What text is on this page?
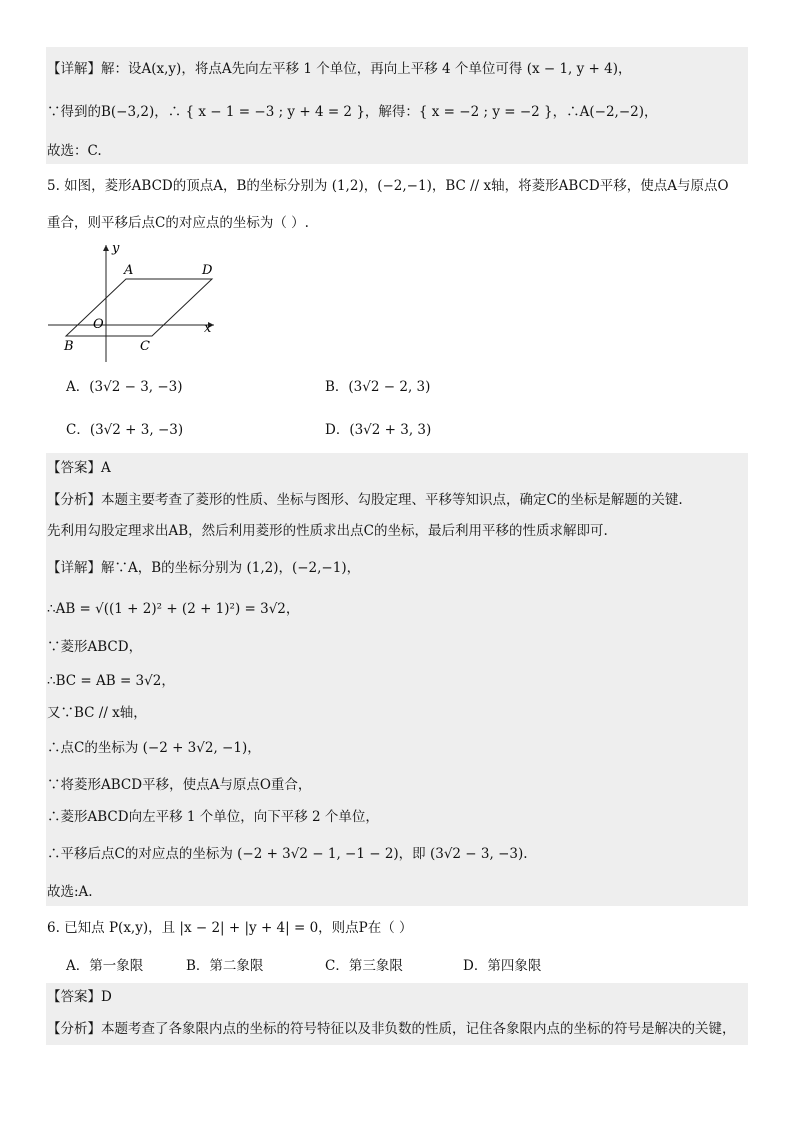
【详解】解：设A(x,y)，将点A先向左平移 1 个单位，再向上平移 4 个单位可得 (x − 1, y + 4)，
∵得到的B(−3,2)，∴ { x − 1 = −3 ; y + 4 = 2 }，解得：{ x = −2 ; y = −2 }，∴A(−2,−2)，
故选：C.
5. 如图，菱形ABCD的顶点A，B的坐标分别为 (1,2)，(−2,−1)，BC // x轴，将菱形ABCD平移，使点A与原点O
重合，则平移后点C的对应点的坐标为（ ）.
y
x
A	D
O
B	C
A．(3√2 − 3, −3)	B．(3√2 − 2, 3)
C．(3√2 + 3, −3)	D．(3√2 + 3, 3)
【答案】A
【分析】本题主要考查了菱形的性质、坐标与图形、勾股定理、平移等知识点，确定C的坐标是解题的关键.
先利用勾股定理求出AB，然后利用菱形的性质求出点C的坐标，最后利用平移的性质求解即可.
【详解】解∵A，B的坐标分别为 (1,2)，(−2,−1)，
∴AB = √((1 + 2)² + (2 + 1)²) = 3√2，
∵菱形ABCD，
∴BC = AB = 3√2，
又∵BC // x轴，
∴点C的坐标为 (−2 + 3√2, −1)，
∵将菱形ABCD平移，使点A与原点O重合，
∴菱形ABCD向左平移 1 个单位，向下平移 2 个单位，
∴平移后点C的对应点的坐标为 (−2 + 3√2 − 1, −1 − 2)，即 (3√2 − 3, −3).
故选:A.
6. 已知点 P(x,y)，且 |x − 2| + |y + 4| = 0，则点P在（ ）
A．第一象限	B．第二象限	C．第三象限	D．第四象限
【答案】D
【分析】本题考查了各象限内点的坐标的符号特征以及非负数的性质，记住各象限内点的坐标的符号是解决的关键，
